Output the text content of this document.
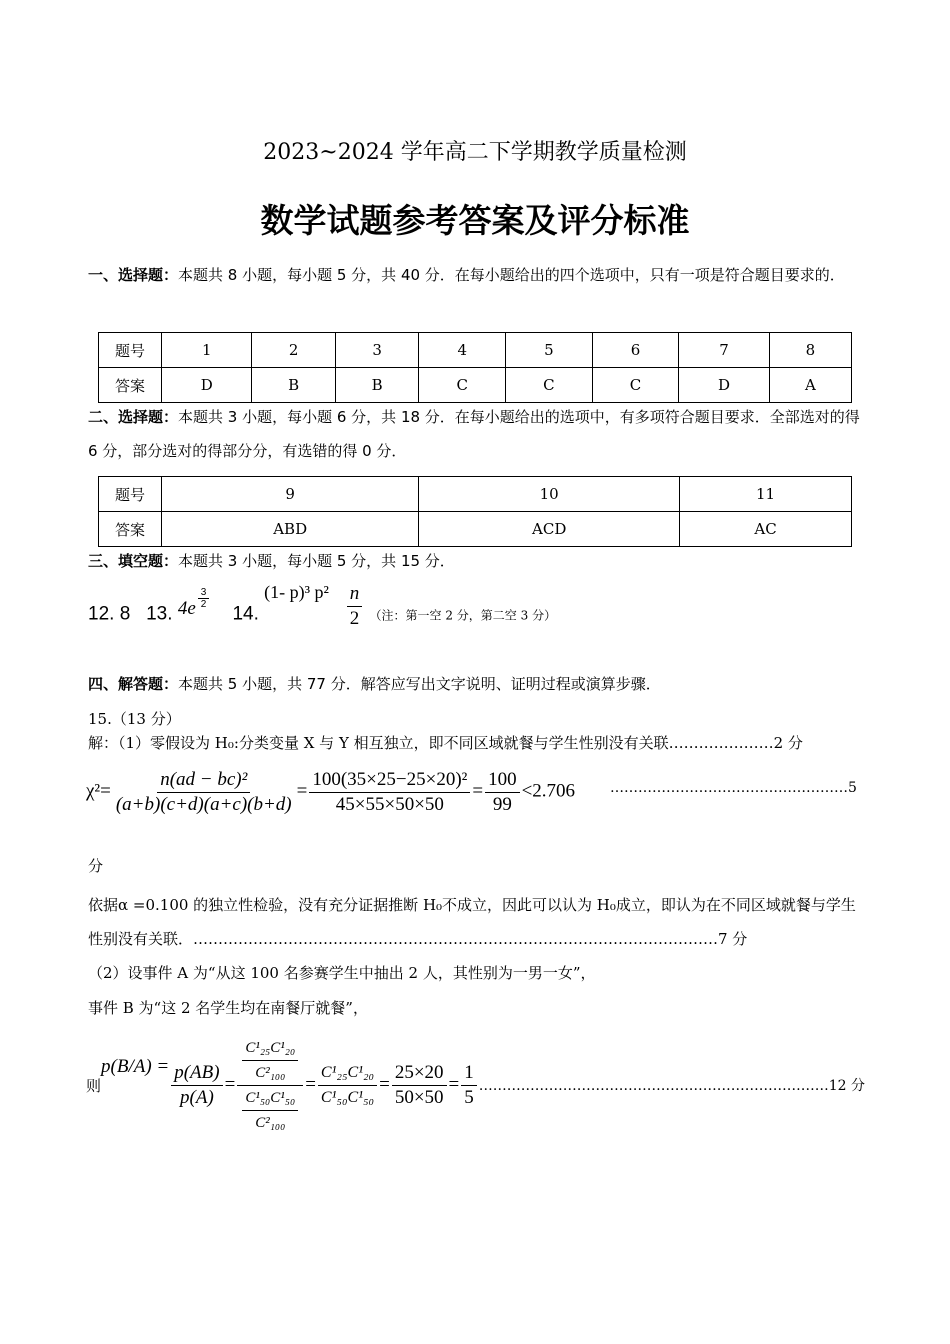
2023~2024 学年高二下学期教学质量检测
数学试题参考答案及评分标准
一、选择题：本题共 8 小题，每小题 5 分，共 40 分．在每小题给出的四个选项中，只有一项是符合题目要求的．
题号	1	2	3	4	5	6	7	8
答案	D	B	B	C	C	C	D	A
二、选择题：本题共 3 小题，每小题 6 分，共 18 分．在每小题给出的选项中，有多项符合题目要求．全部选对的得 6 分，部分选对的得部分分，有选错的得 0 分．
题号	9	10	11
答案	ABD	ACD	AC
三、填空题：本题共 3 小题，每小题 5 分，共 15 分．
12. 8 13. $4e \frac{3}{2}$
14. (1- p)³ $p^2 \frac{n}{2}$ （注：第一空 2 分，第二空 3 分）
四、解答题：本题共 5 小题，共 77 分．解答应写出文字说明、证明过程或演算步骤．
15.（13 分）
解：（1）零假设为 H₀:分类变量 X 与 Y 相互独立，即不同区域就餐与学生性别没有关联…………………2 分
$\chi^2= \frac{\text{n(ad − bc)²}}{(a+b)(c+d)(a+c)(b+d)} = \frac{\text{100(35×25−25×20)²}}{45\times 55\times 50\times 50} = \frac{100}{99} <2.706$ ……………………………………………5
分
依据α =0.100 的独立性检验，没有充分证据推断 H₀不成立，因此可以认为 H₀成立，即认为在不同区域就餐与学生性别没有关联．……………………………………………………………………………………………7 分
（2）设事件 A 为“从这 100 名参赛学生中抽出 2 人，其性别为一男一女”，
事件 B 为“这 2 名学生均在南餐厅就餐”，
则
$p(B/A) = \frac{p(AB)}{p(A)} = \frac{\frac{\text{C¹₂₅C¹₂₀}}{\text{C²₁₀₀}}}{\frac{\text{C¹₅₀C¹₅₀}}{\text{C²₁₀₀}}} = \frac{\text{C¹₂₅C¹₂₀}}{\text{C¹₅₀C¹₅₀}} = \frac{25\times 20}{50\times 50} = \frac{1}{5}$ …………………………………………………………………12 分
